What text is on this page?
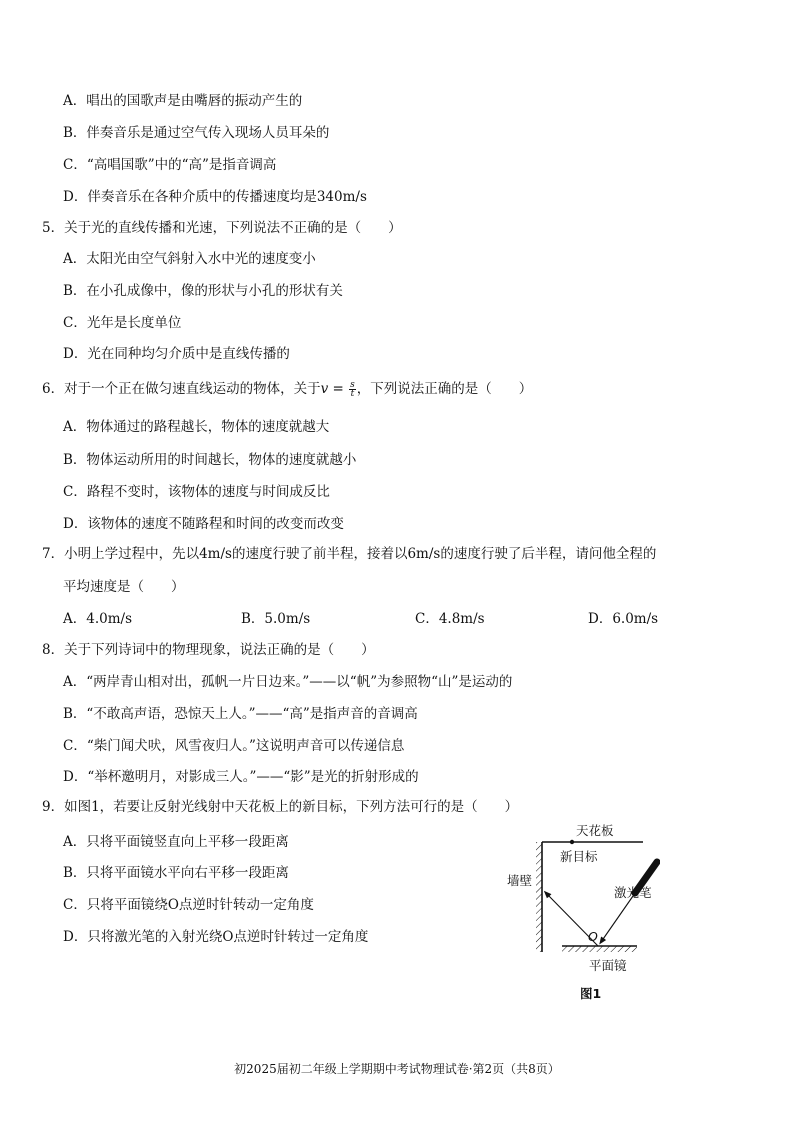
A．唱出的国歌声是由嘴唇的振动产生的
B．伴奏音乐是通过空气传入现场人员耳朵的
C．“高唱国歌”中的“高”是指音调高
D．伴奏音乐在各种介质中的传播速度均是340m/s
5．关于光的直线传播和光速，下列说法不正确的是（　　）
A．太阳光由空气斜射入水中光的速度变小
B．在小孔成像中，像的形状与小孔的形状有关
C．光年是长度单位
D．光在同种均匀介质中是直线传播的
6．对于一个正在做匀速直线运动的物体，关于$v = \frac{s}{t}$ ，下列说法正确的是（　　）
A．物体通过的路程越长，物体的速度就越大
B．物体运动所用的时间越长，物体的速度就越小
C．路程不变时，该物体的速度与时间成反比
D．该物体的速度不随路程和时间的改变而改变
7．小明上学过程中，先以4m/s的速度行驶了前半程，接着以6m/s的速度行驶了后半程，请问他全程的
平均速度是（　　）
A．4.0m/s	B．5.0m/s	C．4.8m/s	D．6.0m/s
8．关于下列诗词中的物理现象，说法正确的是（　　）
A．“两岸青山相对出，孤帆一片日边来。”——以“帆”为参照物“山”是运动的
B．“不敢高声语，恐惊天上人。”——“高”是指声音的音调高
C．“柴门闻犬吠，风雪夜归人。”这说明声音可以传递信息
D．“举杯邀明月，对影成三人。”——“影”是光的折射形成的
9．如图1，若要让反射光线射中天花板上的新目标，下列方法可行的是（　　）
A．只将平面镜竖直向上平移一段距离
B．只将平面镜水平向右平移一段距离
C．只将平面镜绕O点逆时针转动一定角度
D．只将激光笔的入射光绕O点逆时针转过一定角度
天花板
新目标
墙壁
激光笔
O
平面镜
图1
初2025届初二年级上学期期中考试物理试卷·第2页（共8页）
